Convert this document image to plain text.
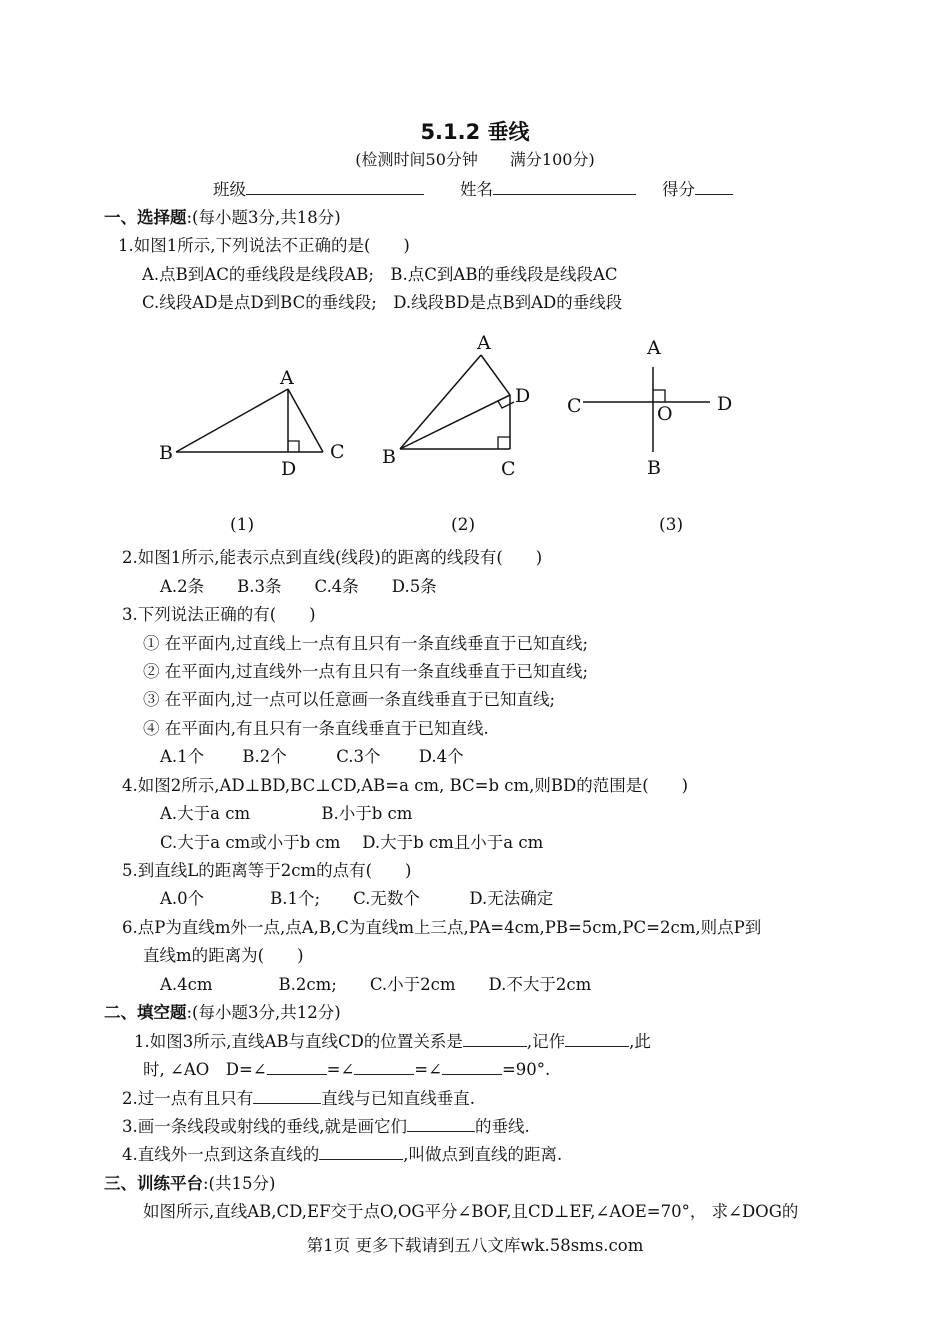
5.1.2 垂线
(检测时间50分钟　　满分100分)
班级	姓名	得分
一、选择题:(每小题3分,共18分)
1.如图1所示,下列说法不正确的是(　　)
A.点B到AC的垂线段是线段AB;　B.点C到AB的垂线段是线段AC
C.线段AD是点D到BC的垂线段;　D.线段BD是点B到AD的垂线段
A
B	C
D
(1)
A
B
C
D
(2)
A
B
C	D
O
(3)
2.如图1所示,能表示点到直线(线段)的距离的线段有(　　)
A.2条　　B.3条　　C.4条　　D.5条
3.下列说法正确的有(　　)
① 在平面内,过直线上一点有且只有一条直线垂直于已知直线;
② 在平面内,过直线外一点有且只有一条直线垂直于已知直线;
③ 在平面内,过一点可以任意画一条直线垂直于已知直线;
④ 在平面内,有且只有一条直线垂直于已知直线.
A.1个　　 B.2个　　　C.3个　　 D.4个
4.如图2所示,AD⊥BD,BC⊥CD,AB=a cm, BC=b cm,则BD的范围是(　　)
A.大于a cm　　　　 B.小于b cm
C.大于a cm或小于b cm　 D.大于b cm且小于a cm
5.到直线L的距离等于2cm的点有(　　)
A.0个　　　　B.1个;　　C.无数个　　　D.无法确定
6.点P为直线m外一点,点A,B,C为直线m上三点,PA=4cm,PB=5cm,PC=2cm,则点P到
直线m的距离为(　　)
A.4cm　　　　B.2cm;　　C.小于2cm　　D.不大于2cm
二、填空题:(每小题3分,共12分)
1.如图3所示,直线AB与直线CD的位置关系是	,记作	,此
时, ∠AO　D=∠	=∠	=∠	=90°.
2.过一点有且只有	直线与已知直线垂直.
3.画一条线段或射线的垂线,就是画它们	的垂线.
4.直线外一点到这条直线的	,叫做点到直线的距离.
三、训练平台:(共15分)
如图所示,直线AB,CD,EF交于点O,OG平分∠BOF,且CD⊥EF,∠AOE=70°， 求∠DOG的
第1页 更多下载请到五八文库wk.58sms.com
